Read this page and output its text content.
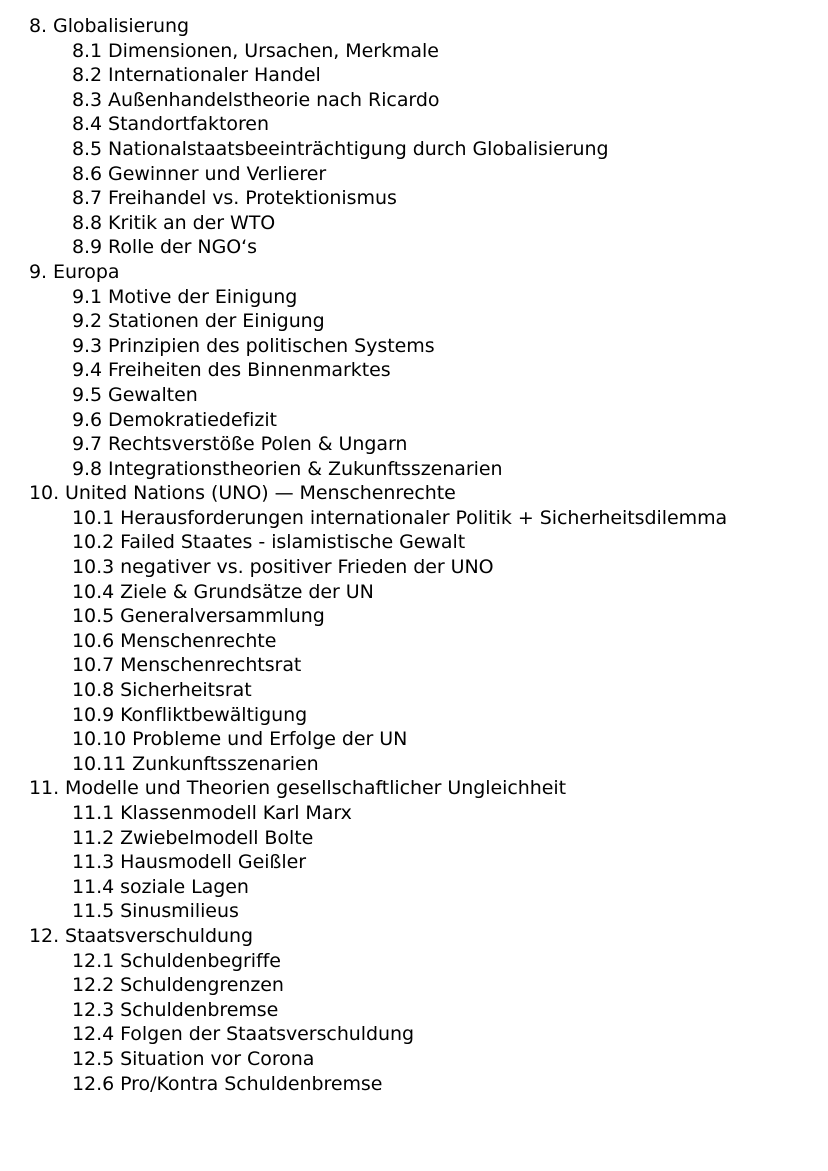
8. Globalisierung
8.1 Dimensionen, Ursachen, Merkmale
8.2 Internationaler Handel
8.3 Außenhandelstheorie nach Ricardo
8.4 Standortfaktoren
8.5 Nationalstaatsbeeinträchtigung durch Globalisierung
8.6 Gewinner und Verlierer
8.7 Freihandel vs. Protektionismus
8.8 Kritik an der WTO
8.9 Rolle der NGO‘s
9. Europa
9.1 Motive der Einigung
9.2 Stationen der Einigung
9.3 Prinzipien des politischen Systems
9.4 Freiheiten des Binnenmarktes
9.5 Gewalten
9.6 Demokratiedefizit
9.7 Rechtsverstöße Polen & Ungarn
9.8 Integrationstheorien & Zukunftsszenarien
10. United Nations (UNO) — Menschenrechte
10.1 Herausforderungen internationaler Politik + Sicherheitsdilemma
10.2 Failed Staates - islamistische Gewalt
10.3 negativer vs. positiver Frieden der UNO
10.4 Ziele & Grundsätze der UN
10.5 Generalversammlung
10.6 Menschenrechte
10.7 Menschenrechtsrat
10.8 Sicherheitsrat
10.9 Konfliktbewältigung
10.10 Probleme und Erfolge der UN
10.11 Zunkunftsszenarien
11. Modelle und Theorien gesellschaftlicher Ungleichheit
11.1 Klassenmodell Karl Marx
11.2 Zwiebelmodell Bolte
11.3 Hausmodell Geißler
11.4 soziale Lagen
11.5 Sinusmilieus
12. Staatsverschuldung
12.1 Schuldenbegriffe
12.2 Schuldengrenzen
12.3 Schuldenbremse
12.4 Folgen der Staatsverschuldung
12.5 Situation vor Corona
12.6 Pro/Kontra Schuldenbremse
